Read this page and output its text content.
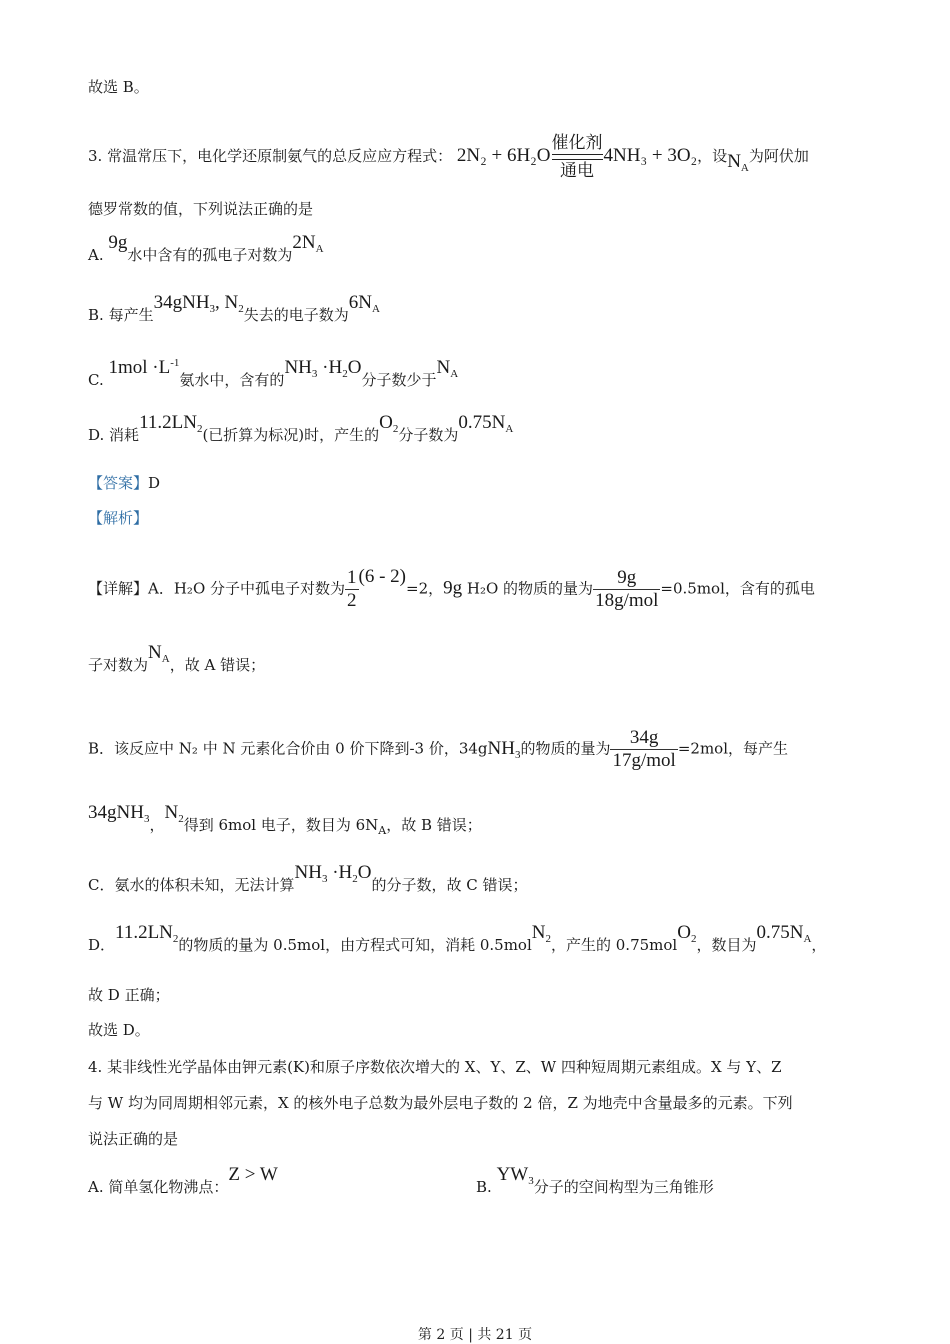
故选 B。
3. 常温常压下，电化学还原制氨气的总反应应方程式： 2N₂ + 6H₂O
催化剂
通电
4NH₃ + 3O₂，设$N_A$为阿伏加
德罗常数的值，下列说法正确的是
A. 9g水中含有的孤电子对数为$2N_A$
B. 每产生34gNH$_3$, $N_2$失去的电子数为$6N_A$
C. $1mol \cdot L^{-1}$氨水中，含有的$NH_3 \cdot H_2O$分子数少于$N_A$
D. 消耗$11.2LN_2$(已折算为标况)时，产生的$O_2$分子数为$0.75N_A$
【答案】D
【解析】
【详解】A．H₂O 分子中孤电子对数为 $\frac{1}{2} (6 - 2)=2$，9g H₂O 的物质的量为 $\frac{9g}{\text{18g/mol}} =0.5mol$，含有的孤电
子对数为$N_A$，故 A 错误；
B．该反应中 N₂ 中 N 元素化合价由 0 价下降到-3 价，34gNH$_3$的物质的量为 $\frac{34g}{\text{17g/mol}} =2mol$，每产生
34gNH$_3$，$N_2$得到 6mol 电子，数目为 $6N_A$，故 B 错误；
C．氨水的体积未知，无法计算$NH_3 \cdot H_2O$的分子数，故 C 错误；
D．$11.2LN_2$的物质的量为 0.5mol，由方程式可知，消耗 0.5molN$_2$，产生的 0.75molO$_2$，数目为$0.75N_A$，
故 D 正确；
故选 D。
4. 某非线性光学晶体由钾元素(K)和原子序数依次增大的 X、Y、Z、W 四种短周期元素组成。X 与 Y、Z
与 W 均为同周期相邻元素，X 的核外电子总数为最外层电子数的 2 倍，Z 为地壳中含量最多的元素。下列
说法正确的是
A. 简单氢化物沸点：Z > W
B. $YW_3$分子的空间构型为三角锥形
第 2 页 | 共 21 页
